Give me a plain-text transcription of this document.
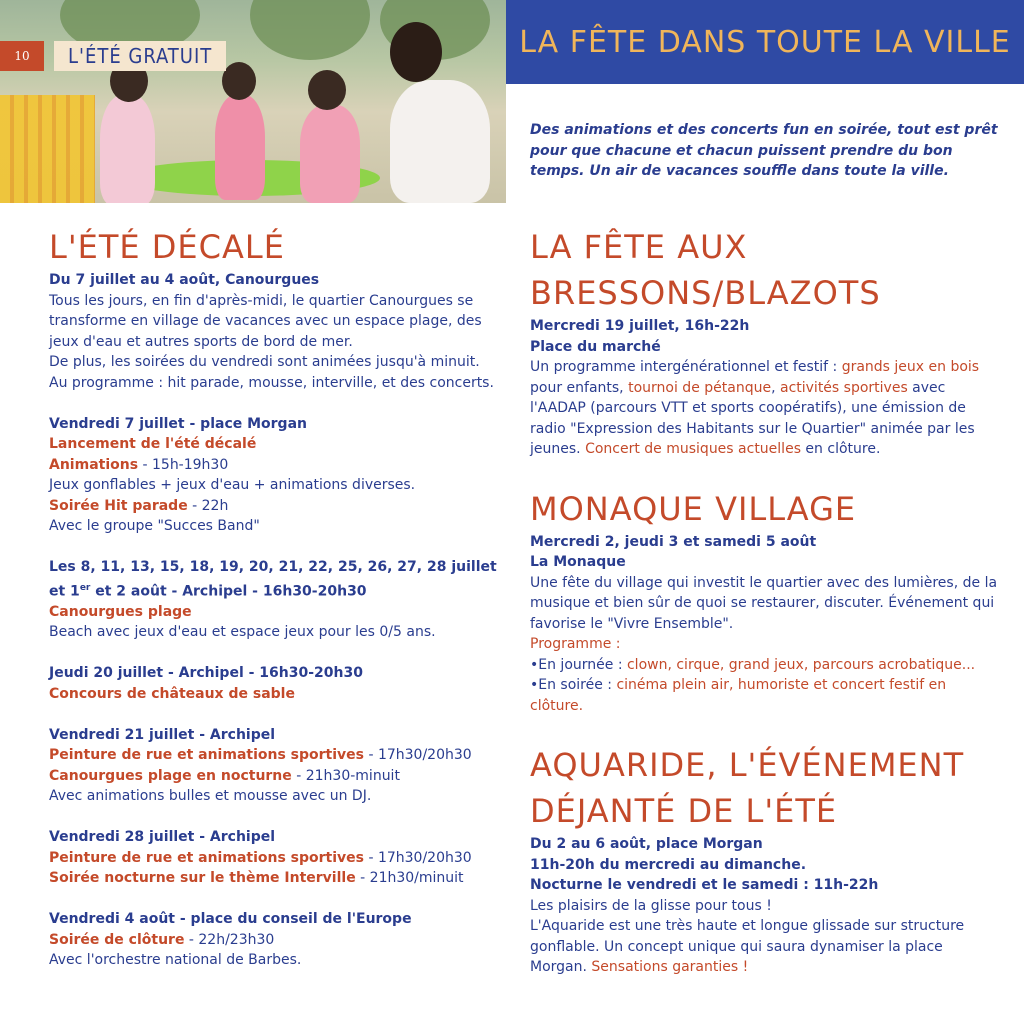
10	L'ÉTÉ GRATUIT	LA FÊTE DANS TOUTE LA VILLE

Des animations et des concerts fun en soirée, tout est prêt pour que chacune et chacun puissent prendre du bon temps. Un air de vacances souffle dans toute la ville.

L'ÉTÉ DÉCALÉ

Du 7 juillet au 4 août, Canourgues

Tous les jours, en fin d'après-midi, le quartier Canourgues se transforme en village de vacances avec un espace plage, des jeux d'eau et autres sports de bord de mer.

De plus, les soirées du vendredi sont animées jusqu'à minuit.

Au programme : hit parade, mousse, interville, et des concerts.

Vendredi 7 juillet - place Morgan

Lancement de l'été décalé

Animations - 15h-19h30

Jeux gonflables + jeux d'eau + animations diverses.

Soirée Hit parade - 22h

Avec le groupe "Succes Band"

Les 8, 11, 13, 15, 18, 19, 20, 21, 22, 25, 26, 27, 28 juillet

et 1er et 2 août - Archipel - 16h30-20h30

Canourgues plage

Beach avec jeux d'eau et espace jeux pour les 0/5 ans.

Jeudi 20 juillet - Archipel - 16h30-20h30

Concours de châteaux de sable

Vendredi 21 juillet - Archipel

Peinture de rue et animations sportives - 17h30/20h30

Canourgues plage en nocturne - 21h30-minuit

Avec animations bulles et mousse avec un DJ.

Vendredi 28 juillet - Archipel

Peinture de rue et animations sportives - 17h30/20h30

Soirée nocturne sur le thème Interville - 21h30/minuit

Vendredi 4 août - place du conseil de l'Europe

Soirée de clôture - 22h/23h30

Avec l'orchestre national de Barbes.

LA FÊTE AUX BRESSONS/BLAZOTS

Mercredi 19 juillet, 16h-22h

Place du marché

Un programme intergénérationnel et festif : grands jeux en bois pour enfants, tournoi de pétanque, activités sportives avec l'AADAP (parcours VTT et sports coopératifs), une émission de radio "Expression des Habitants sur le Quartier" animée par les jeunes. Concert de musiques actuelles en clôture.

MONAQUE VILLAGE

Mercredi 2, jeudi 3 et samedi 5 août

La Monaque

Une fête du village qui investit le quartier avec des lumières, de la musique et bien sûr de quoi se restaurer, discuter. Événement qui favorise le "Vivre Ensemble".

Programme :

•En journée : clown, cirque, grand jeux, parcours acrobatique...

•En soirée : cinéma plein air, humoriste et concert festif en clôture.

AQUARIDE, L'ÉVÉNEMENT
DÉJANTÉ DE L'ÉTÉ

Du 2 au 6 août, place Morgan

11h-20h du mercredi au dimanche.

Nocturne le vendredi et le samedi : 11h-22h

Les plaisirs de la glisse pour tous !

L'Aquaride est une très haute et longue glissade sur structure gonflable. Un concept unique qui saura dynamiser la place Morgan. Sensations garanties !
